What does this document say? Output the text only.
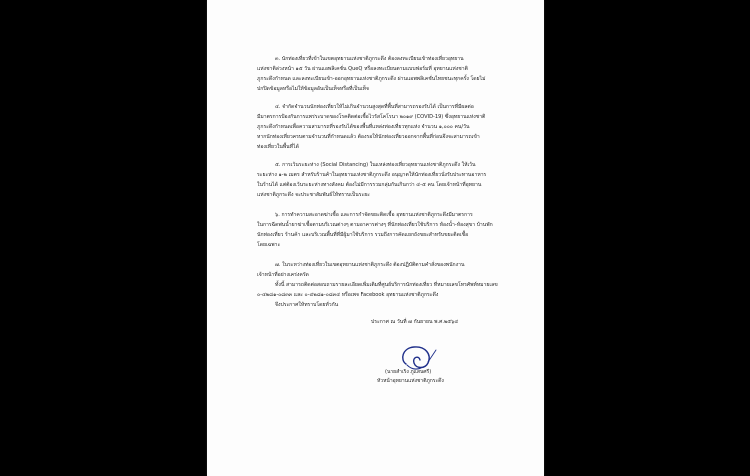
๓. นักท่องเที่ยวที่เข้าในเขตอุทยานแห่งชาติภูกระดึง ต้องลงทะเบียนเข้าท่องเที่ยวอุทยาน
แห่งชาติล่วงหน้า ๑๕ วัน ผ่านแอพลิเคชั่น QueQ หรือลงทะเบียนตามแบบฟอร์มที่ อุทยานแห่งชาติ
ภูกระดึงกำหนด และลงทะเบียนเข้า-ออกอุทยานแห่งชาติภูกระดึง ผ่านแอพพลิเคชั่นไทยชนะทุกครั้ง โดยไม่
ปกปิดข้อมูลหรือไม่ให้ข้อมูลอันเป็นเท็จหรือที่เป็นเท็จ
๔. จำกัดจำนวนนักท่องเที่ยวให้ไม่เกินจำนวนสูงสุดที่พื้นที่สามารถรองรับได้ เป็นการที่มีผลต่อ
มีมาตรการป้องกันการแพร่ระบาดของโรคติดต่อเชื้อไวรัสโคโรนา ๒๐๑๙ (COVID-19) ซึ่งอุทยานแห่งชาติ
ภูกระดึงกำหนดเพื่อความสามารถที่รองรับได้ของพื้นที่แหล่งท่องเที่ยวทุกแห่ง จำนวน ๑,๐๐๐ คน/วัน
หากนักท่องเที่ยวครบตามจำนวนที่กำหนดแล้ว ต้องรอให้นักท่องเที่ยวออกจากพื้นที่ก่อนจึงจะสามารถเข้า
ท่องเที่ยวในพื้นที่ได้
๕. การเว้นระยะห่าง (Social Distancing) ในแหล่งท่องเที่ยวอุทยานแห่งชาติภูกระดึง ให้เว้น
ระยะห่าง ๑-๒ เมตร สำหรับร้านค้าในอุทยานแห่งชาติภูกระดึง อนุญาตให้นักท่องเที่ยวนั่งรับประทานอาหาร
ในร้านได้ แต่ต้องเว้นระยะห่างทางสังคม ต้องไม่มีการรวมกลุ่มกันเกินกว่า ๔-๕ คน โดยเจ้าหน้าที่อุทยาน
แห่งชาติภูกระดึง จะประชาสัมพันธ์ให้ทราบเป็นระยะ
๖. การทำความสะอาดฆ่าเชื้อ และการกำจัดขยะติดเชื้อ อุทยานแห่งชาติภูกระดึงมีมาตรการ
ในการฉีดพ่นน้ำยาฆ่าเชื้อตามบริเวณต่างๆ ตามอาคารต่างๆ ที่นักท่องเที่ยวใช้บริการ ห้องน้ำ-ห้องสุขา บ้านพัก
นักท่องเที่ยว ร้านค้า และบริเวณพื้นที่ที่มีผู้มาใช้บริการ รวมถึงการคัดแยกถังขยะสำหรับขยะติดเชื้อ
โดยเฉพาะ
๗. ในระหว่างท่องเที่ยวในเขตอุทยานแห่งชาติภูกระดึง ต้องปฏิบัติตามคำสั่งของพนักงาน
เจ้าหน้าที่อย่างเคร่งครัด
ทั้งนี้ สามารถติดต่อสอบถามรายละเอียดเพิ่มเติมที่ศูนย์บริการนักท่องเที่ยว ที่หมายเลขโทรศัพท์หมายเลข
๐-๔๒๘๑-๐๘๓๓ และ ๐-๔๒๘๑-๐๘๓๔ หรือเพจ Facebook อุทยานแห่งชาติภูกระดึง
จึงประกาศให้ทราบโดยทั่วกัน
ประกาศ ณ วันที่ ๗ กันยายน พ.ศ.๒๕๖๔
(นายสำเริง ภูแสนศรี)
หัวหน้าอุทยานแห่งชาติภูกระดึง
